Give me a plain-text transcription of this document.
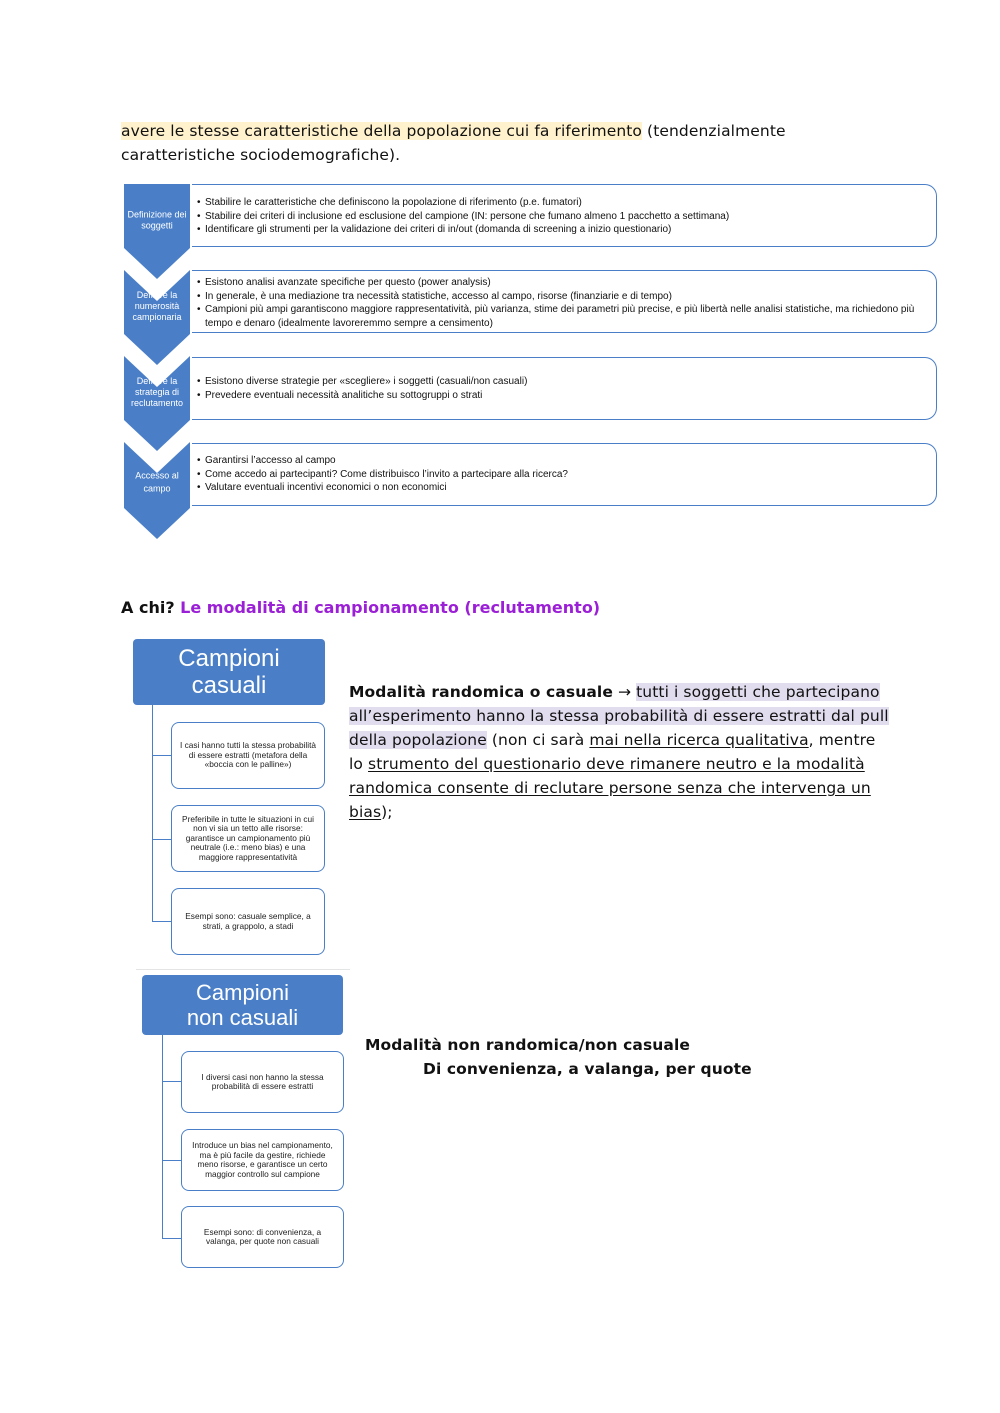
avere le stesse caratteristiche della popolazione cui fa riferimento (tendenzialmente
caratteristiche sociodemografiche).
Definizione dei
soggetti
Definire la
numerosità
campionaria
Definire la
strategia di
reclutamento
Accesso al
campo
• Stabilire le caratteristiche che definiscono la popolazione di riferimento (p.e. fumatori)
• Stabilire dei criteri di inclusione ed esclusione del campione (IN: persone che fumano almeno 1 pacchetto a settimana)
• Identificare gli strumenti per la validazione dei criteri di in/out (domanda di screening a inizio questionario)
• Esistono analisi avanzate specifiche per questo (power analysis)
• In generale, è una mediazione tra necessità statistiche, accesso al campo, risorse (finanziarie e di tempo)
• Campioni più ampi garantiscono maggiore rappresentatività, più varianza, stime dei parametri più precise, e più libertà nelle analisi statistiche, ma richiedono più tempo e denaro (idealmente lavoreremmo sempre a censimento)
• Esistono diverse strategie per «scegliere» i soggetti (casuali/non casuali)
• Prevedere eventuali necessità analitiche su sottogruppi o strati
• Garantirsi l’accesso al campo
• Come accedo ai partecipanti? Come distribuisco l’invito a partecipare alla ricerca?
• Valutare eventuali incentivi economici o non economici
A chi? Le modalità di campionamento (reclutamento)
Campioni
casuali
I casi hanno tutti la stessa probabilità di essere estratti (metafora della «boccia con le palline»)
Preferibile in tutte le situazioni in cui non vi sia un tetto alle risorse: garantisce un campionamento più neutrale (i.e.: meno bias) e una maggiore rappresentatività
Esempi sono: casuale semplice, a strati, a grappolo, a stadi
Modalità randomica o casuale → tutti i soggetti che partecipano all’esperimento hanno la stessa probabilità di essere estratti dal pull della popolazione (non ci sarà mai nella ricerca qualitativa, mentre lo strumento del questionario deve rimanere neutro e la modalità randomica consente di reclutare persone senza che intervenga un bias);
Campioni
non casuali
I diversi casi non hanno la stessa probabilità di essere estratti
Introduce un bias nel campionamento, ma è più facile da gestire, richiede meno risorse, e garantisce un certo maggior controllo sul campione
Esempi sono: di convenienza, a valanga, per quote non casuali
Modalità non randomica/non casuale
Di convenienza, a valanga, per quote
